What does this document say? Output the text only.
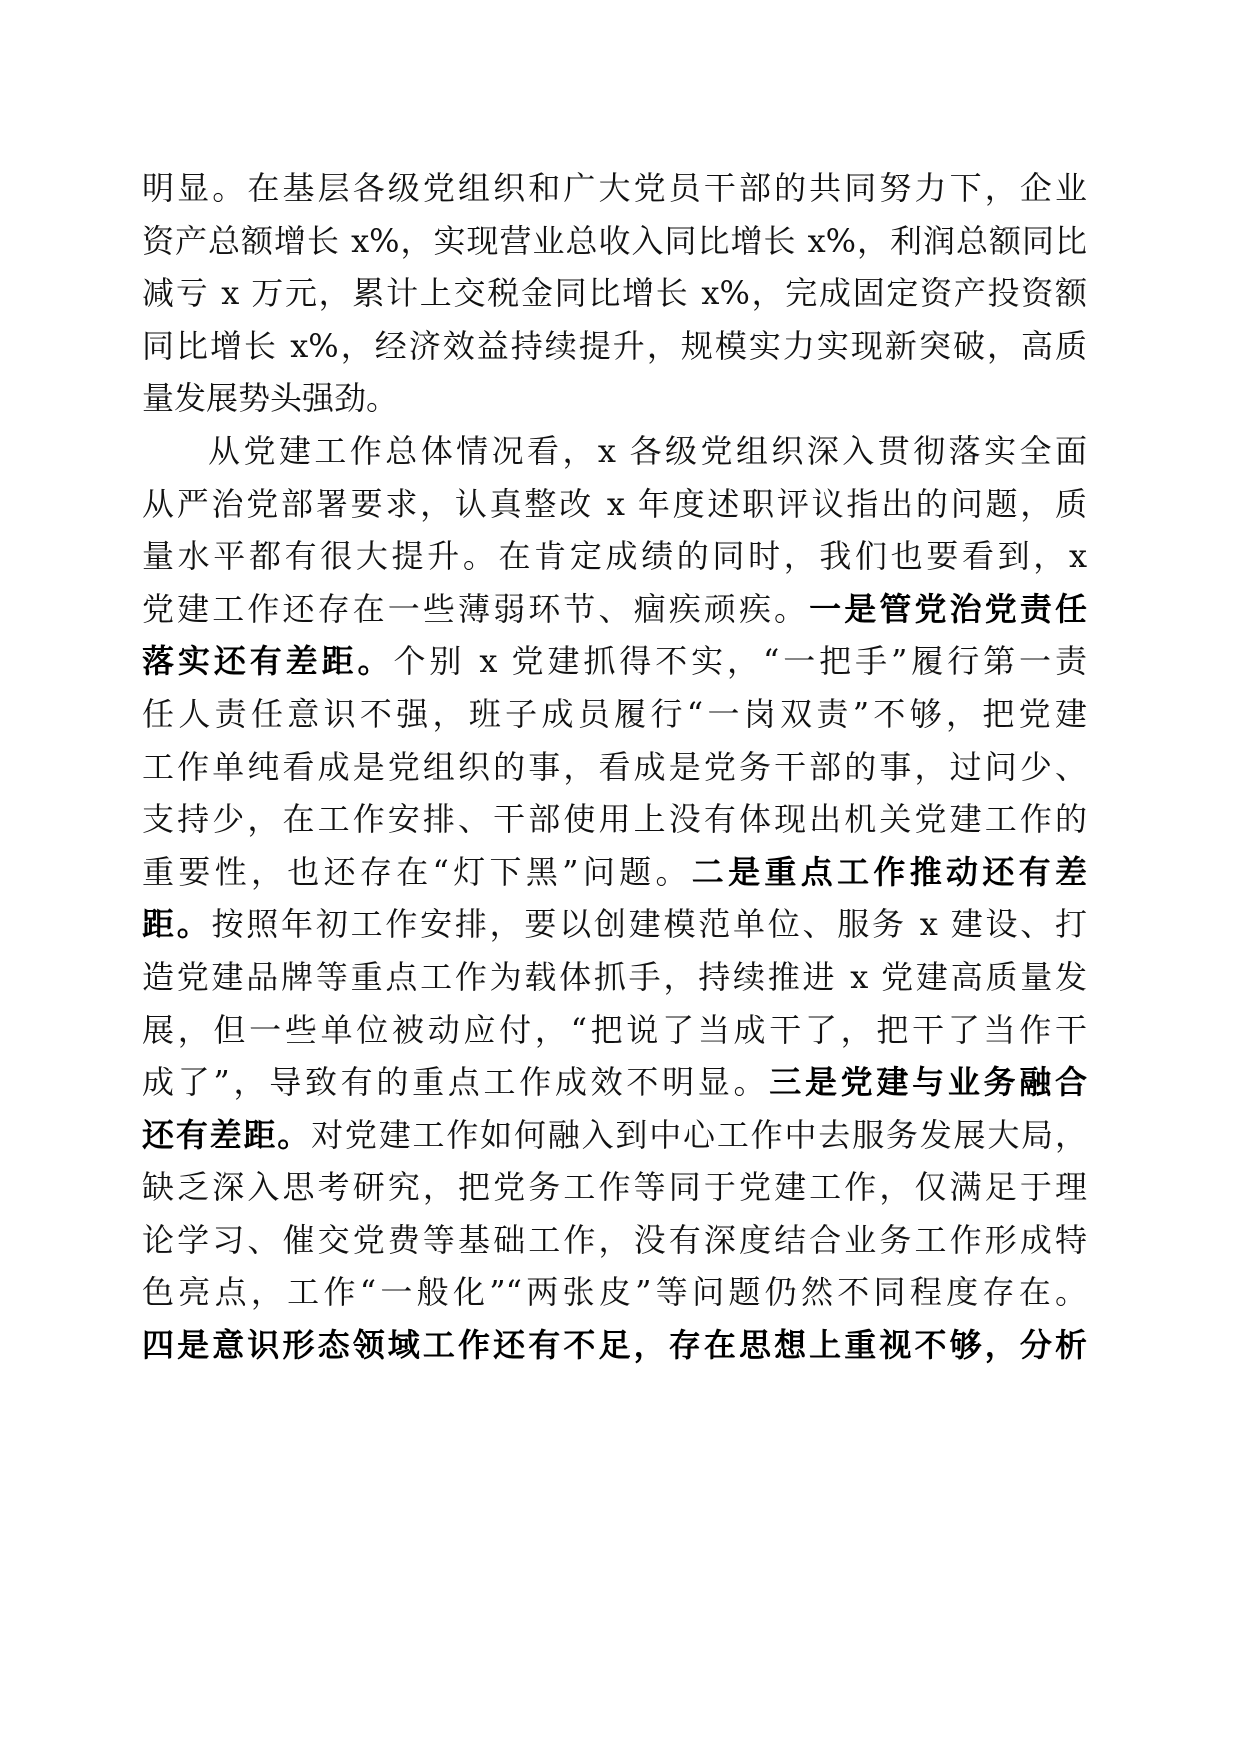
明显。在基层各级党组织和广大党员干部的共同努力下，企业
资产总额增长 x%，实现营业总收入同比增长 x%，利润总额同比
减亏 x 万元，累计上交税金同比增长 x%，完成固定资产投资额
同比增长 x%，经济效益持续提升，规模实力实现新突破，高质
量发展势头强劲。
从党建工作总体情况看，x 各级党组织深入贯彻落实全面
从严治党部署要求，认真整改 x 年度述职评议指出的问题，质
量水平都有很大提升。在肯定成绩的同时，我们也要看到，x
党建工作还存在一些薄弱环节、痼疾顽疾。一是管党治党责任
落实还有差距。个别 x 党建抓得不实，“一把手”履行第一责
任人责任意识不强，班子成员履行“一岗双责”不够，把党建
工作单纯看成是党组织的事，看成是党务干部的事，过问少、
支持少，在工作安排、干部使用上没有体现出机关党建工作的
重要性，也还存在“灯下黑”问题。二是重点工作推动还有差
距。按照年初工作安排，要以创建模范单位、服务 x 建设、打
造党建品牌等重点工作为载体抓手，持续推进 x 党建高质量发
展，但一些单位被动应付，“把说了当成干了，把干了当作干
成了”，导致有的重点工作成效不明显。三是党建与业务融合
还有差距。对党建工作如何融入到中心工作中去服务发展大局，
缺乏深入思考研究，把党务工作等同于党建工作，仅满足于理
论学习、催交党费等基础工作，没有深度结合业务工作形成特
色亮点，工作“一般化”“两张皮”等问题仍然不同程度存在。
四是意识形态领域工作还有不足，存在思想上重视不够，分析
